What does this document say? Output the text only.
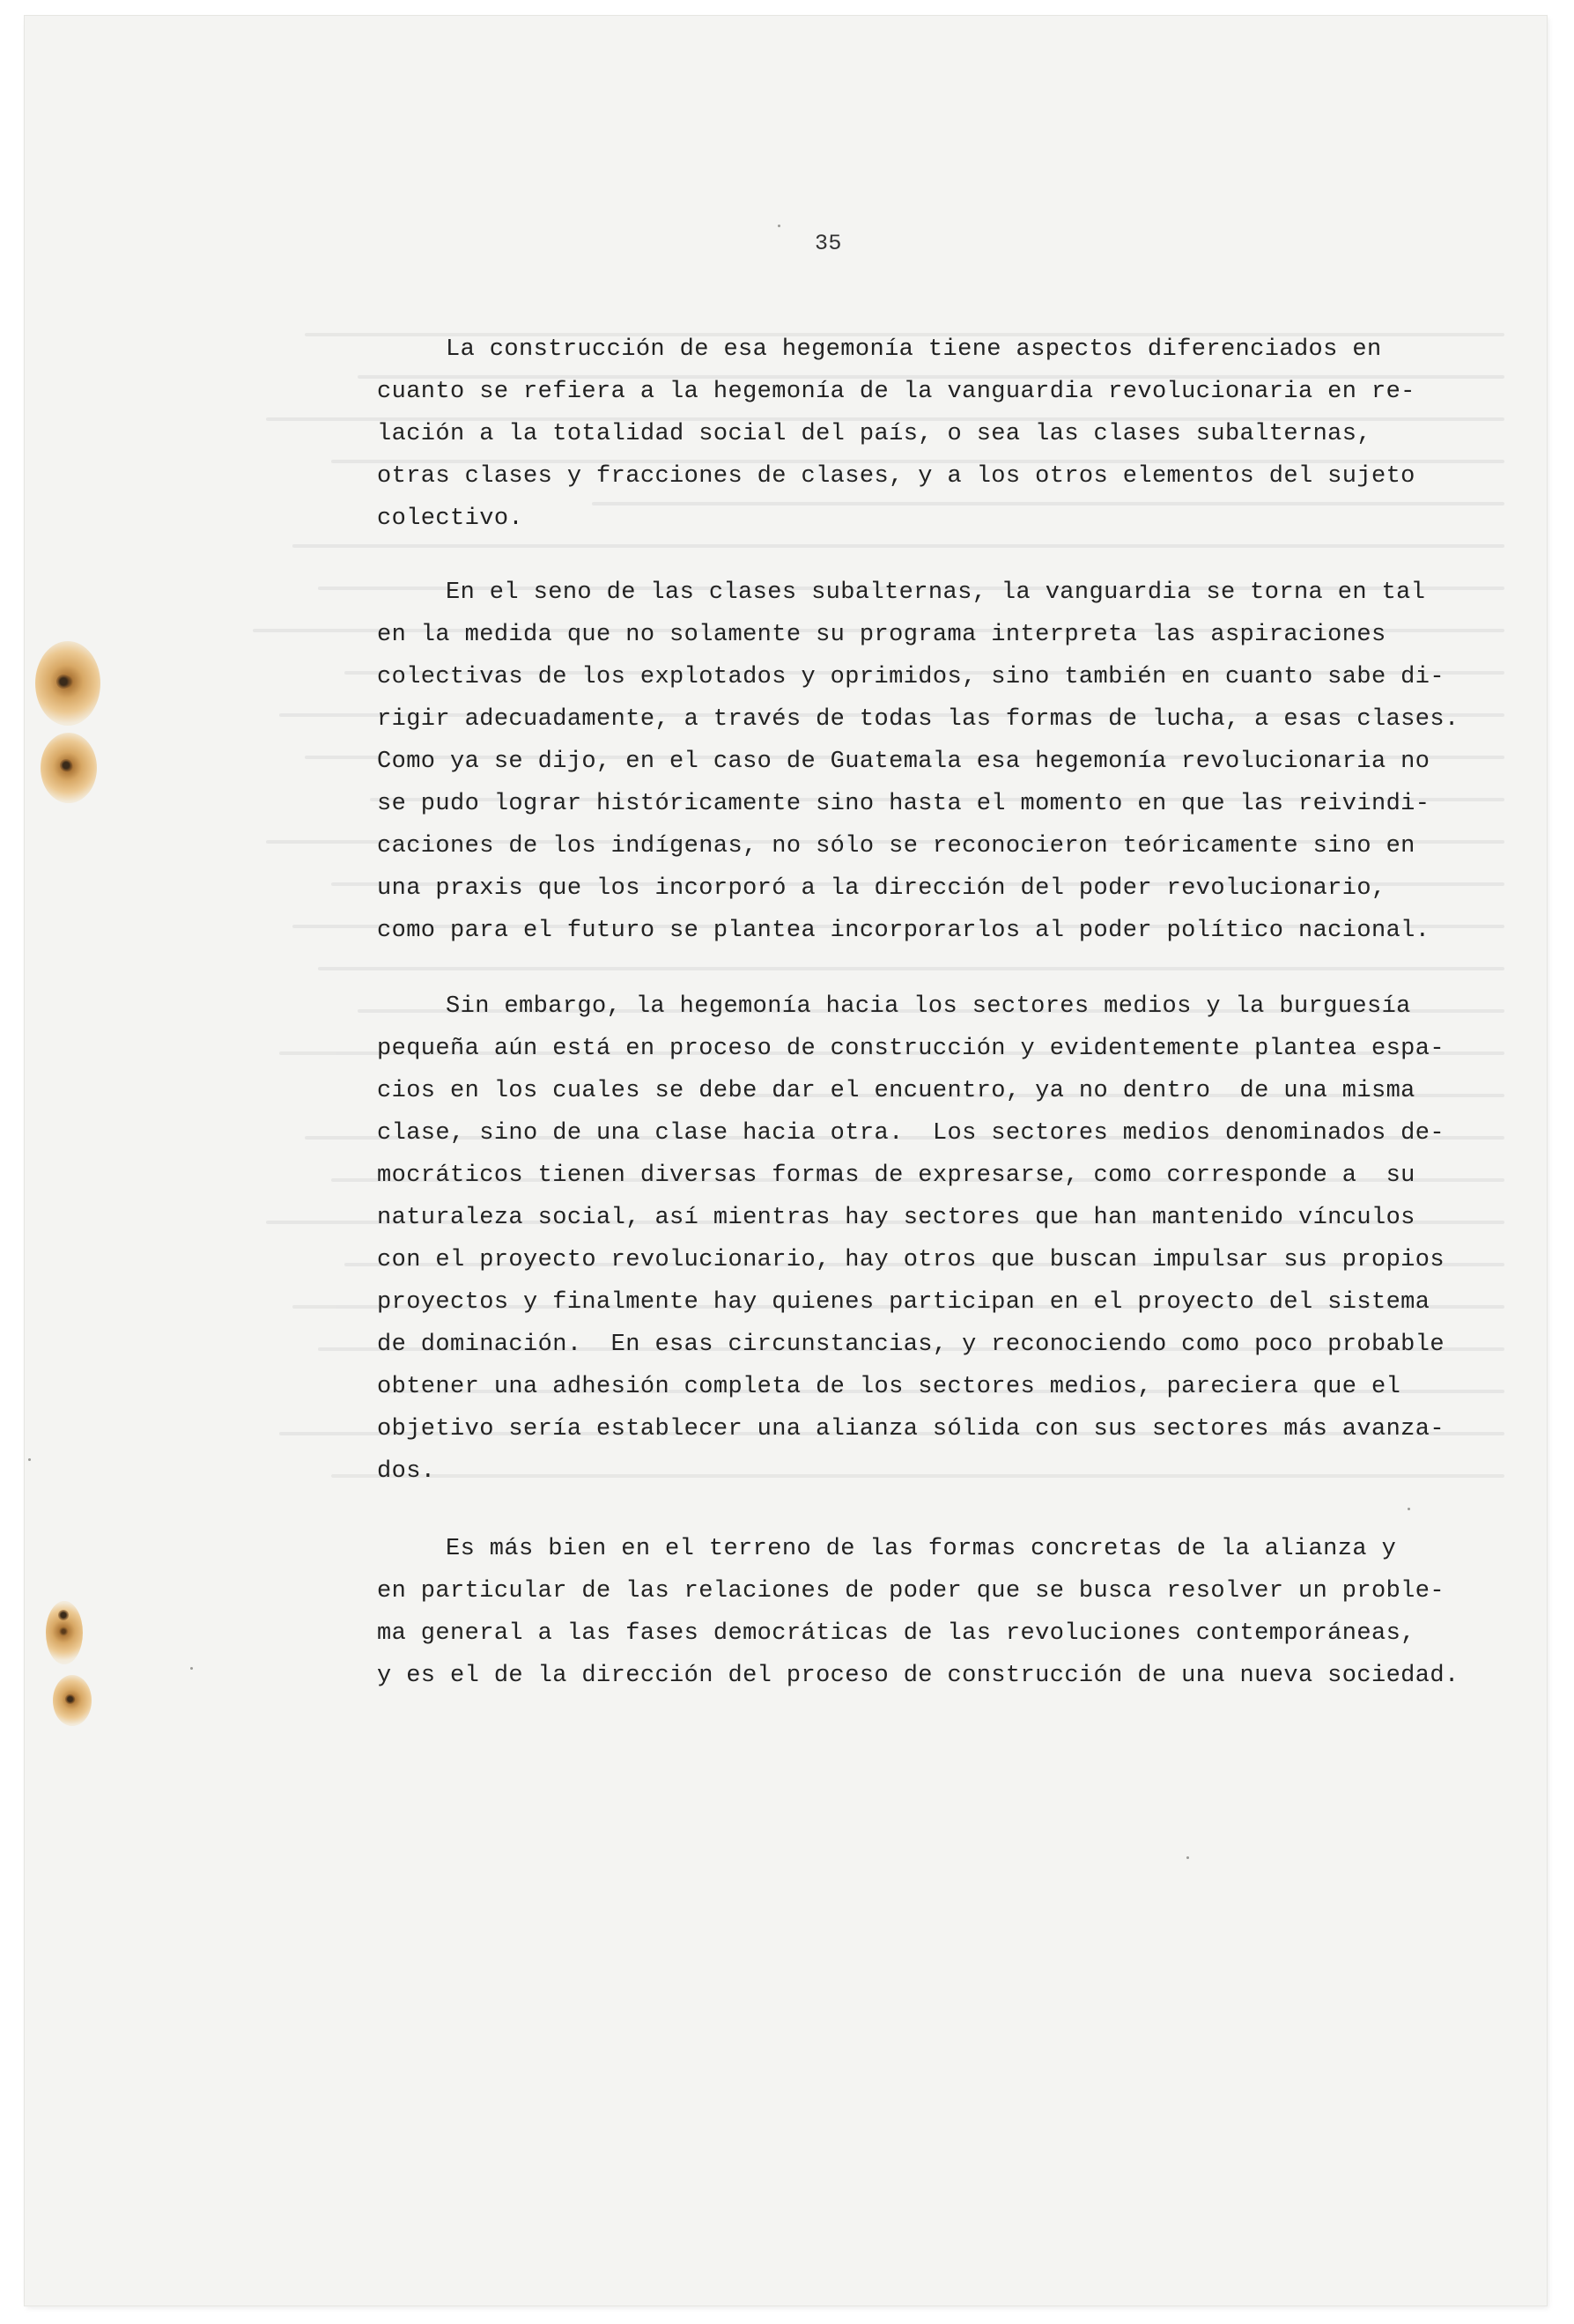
35
La construcción de esa hegemonía tiene aspectos diferenciados en
cuanto se refiera a la hegemonía de la vanguardia revolucionaria en re-
lación a la totalidad social del país, o sea las clases subalternas,
otras clases y fracciones de clases, y a los otros elementos del sujeto
colectivo.
En el seno de las clases subalternas, la vanguardia se torna en tal
en la medida que no solamente su programa interpreta las aspiraciones
colectivas de los explotados y oprimidos, sino también en cuanto sabe di-
rigir adecuadamente, a través de todas las formas de lucha, a esas clases.
Como ya se dijo, en el caso de Guatemala esa hegemonía revolucionaria no
se pudo lograr históricamente sino hasta el momento en que las reivindi-
caciones de los indígenas, no sólo se reconocieron teóricamente sino en
una praxis que los incorporó a la dirección del poder revolucionario,
como para el futuro se plantea incorporarlos al poder político nacional.
Sin embargo, la hegemonía hacia los sectores medios y la burguesía
pequeña aún está en proceso de construcción y evidentemente plantea espa-
cios en los cuales se debe dar el encuentro, ya no dentro  de una misma
clase, sino de una clase hacia otra.  Los sectores medios denominados de-
mocráticos tienen diversas formas de expresarse, como corresponde a  su
naturaleza social, así mientras hay sectores que han mantenido vínculos
con el proyecto revolucionario, hay otros que buscan impulsar sus propios
proyectos y finalmente hay quienes participan en el proyecto del sistema
de dominación.  En esas circunstancias, y reconociendo como poco probable
obtener una adhesión completa de los sectores medios, pareciera que el
objetivo sería establecer una alianza sólida con sus sectores más avanza-
dos.
Es más bien en el terreno de las formas concretas de la alianza y
en particular de las relaciones de poder que se busca resolver un proble-
ma general a las fases democráticas de las revoluciones contemporáneas,
y es el de la dirección del proceso de construcción de una nueva sociedad.
